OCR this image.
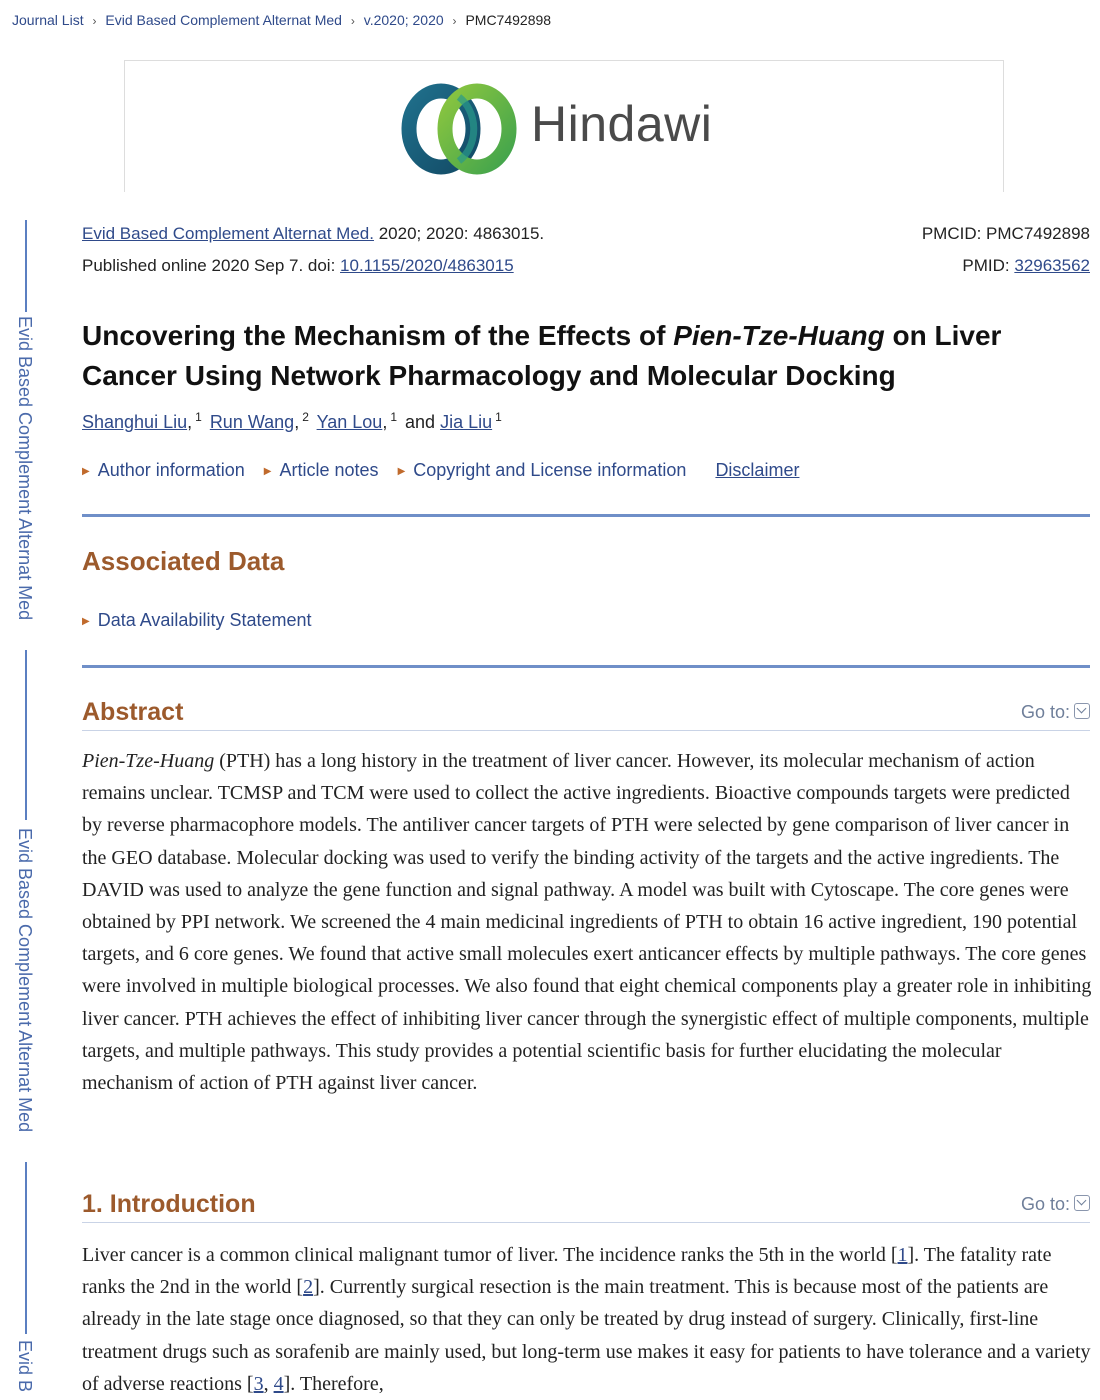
Journal List › Evid Based Complement Alternat Med › v.2020; 2020 › PMC7492898
Hindawi
Evid Based Complement Alternat Med
Evid Based Complement Alternat Med
Evid B
Evid Based Complement Alternat Med. 2020; 2020: 4863015.
Published online 2020 Sep 7. doi: 10.1155/2020/4863015
PMCID: PMC7492898
PMID: 32963562
Uncovering the Mechanism of the Effects of Pien-Tze-Huang on Liver Cancer Using Network Pharmacology and Molecular Docking
Shanghui Liu, $^1$ Run Wang, $^2$ Yan Lou, $^1$ and Jia Liu $^1$
▶ Author information ▶ Article notes ▶ Copyright and License information Disclaimer
Associated Data
▶ Data Availability Statement
Abstract	Go to:
Pien-Tze-Huang (PTH) has a long history in the treatment of liver cancer. However, its molecular mechanism of action remains unclear. TCMSP and TCM were used to collect the active ingredients. Bioactive compounds targets were predicted by reverse pharmacophore models. The antiliver cancer targets of PTH were selected by gene comparison of liver cancer in the GEO database. Molecular docking was used to verify the binding activity of the targets and the active ingredients. The DAVID was used to analyze the gene function and signal pathway. A model was built with Cytoscape. The core genes were obtained by PPI network. We screened the 4 main medicinal ingredients of PTH to obtain 16 active ingredient, 190 potential targets, and 6 core genes. We found that active small molecules exert anticancer effects by multiple pathways. The core genes were involved in multiple biological processes. We also found that eight chemical components play a greater role in inhibiting liver cancer. PTH achieves the effect of inhibiting liver cancer through the synergistic effect of multiple components, multiple targets, and multiple pathways. This study provides a potential scientific basis for further elucidating the molecular mechanism of action of PTH against liver cancer.
1. Introduction	Go to:
Liver cancer is a common clinical malignant tumor of liver. The incidence ranks the 5th in the world [1]. The fatality rate ranks the 2nd in the world [2]. Currently surgical resection is the main treatment. This is because most of the patients are already in the late stage once diagnosed, so that they can only be treated by drug instead of surgery. Clinically, first-line treatment drugs such as sorafenib are mainly used, but long-term use makes it easy for patients to have tolerance and a variety of adverse reactions [3, 4]. Therefore,
